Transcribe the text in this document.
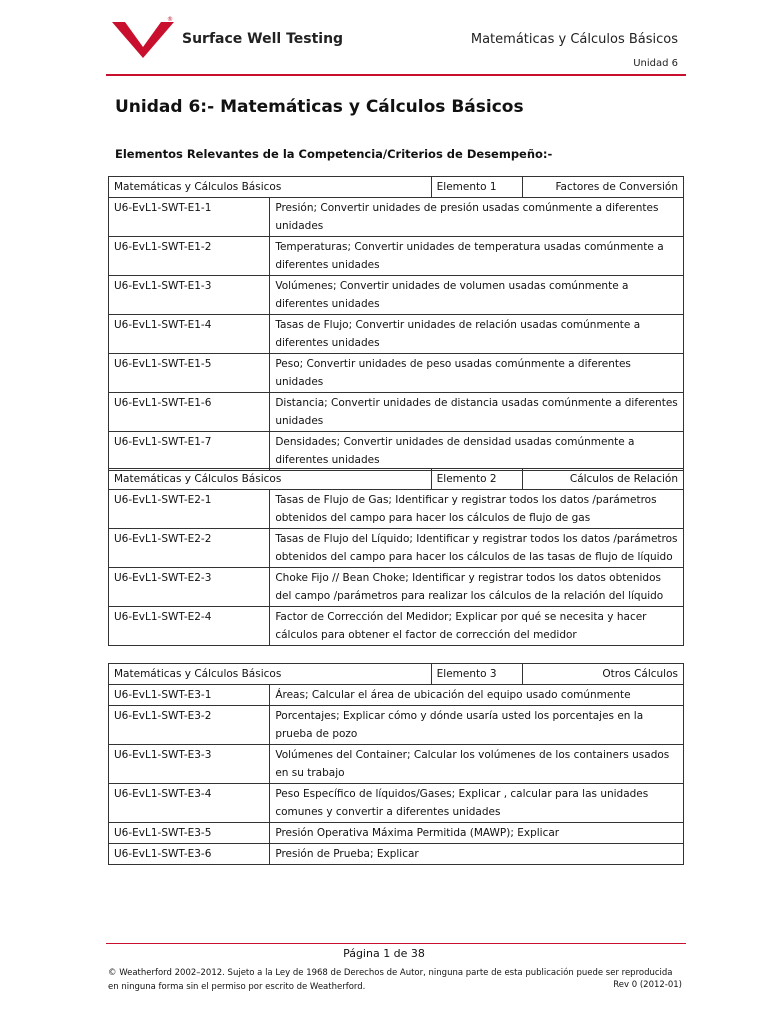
®
Surface Well Testing	Matemáticas y Cálculos Básicos
Unidad 6
Unidad 6:- Matemáticas y Cálculos Básicos
Elementos Relevantes de la Competencia/Criterios de Desempeño:-
Matemáticas y Cálculos Básicos		Elemento 1	Factores de Conversión
U6-EvL1-SWT-E1-1	Presión; Convertir unidades de presión usadas comúnmente a diferentes unidades		
U6-EvL1-SWT-E1-2	Temperaturas; Convertir unidades de temperatura usadas comúnmente a diferentes unidades		
U6-EvL1-SWT-E1-3	Volúmenes; Convertir unidades de volumen usadas comúnmente a diferentes unidades		
U6-EvL1-SWT-E1-4	Tasas de Flujo; Convertir unidades de relación usadas comúnmente a diferentes unidades		
U6-EvL1-SWT-E1-5	Peso; Convertir unidades de peso usadas comúnmente a diferentes unidades		
U6-EvL1-SWT-E1-6	Distancia; Convertir unidades de distancia usadas comúnmente a diferentes unidades		
U6-EvL1-SWT-E1-7	Densidades; Convertir unidades de densidad usadas comúnmente a diferentes unidades		
Matemáticas y Cálculos Básicos		Elemento 2	Cálculos de Relación
U6-EvL1-SWT-E2-1	Tasas de Flujo de Gas; Identificar y registrar todos los datos /parámetros obtenidos del campo para hacer los cálculos de flujo de gas		
U6-EvL1-SWT-E2-2	Tasas de Flujo del Líquido; Identificar y registrar todos los datos /parámetros obtenidos del campo para hacer los cálculos de las tasas de flujo de líquido		
U6-EvL1-SWT-E2-3	Choke Fijo // Bean Choke; Identificar y registrar todos los datos obtenidos del campo /parámetros para realizar los cálculos de la relación del líquido		
U6-EvL1-SWT-E2-4	Factor de Corrección del Medidor; Explicar por qué se necesita y hacer cálculos para obtener el factor de corrección del medidor		
Matemáticas y Cálculos Básicos		Elemento 3	Otros Cálculos
U6-EvL1-SWT-E3-1	Áreas; Calcular el área de ubicación del equipo usado comúnmente		
U6-EvL1-SWT-E3-2	Porcentajes; Explicar cómo y dónde usaría usted los porcentajes en la prueba de pozo		
U6-EvL1-SWT-E3-3	Volúmenes del Container; Calcular los volúmenes de los containers usados en su trabajo		
U6-EvL1-SWT-E3-4	Peso Específico de líquidos/Gases; Explicar , calcular para las unidades comunes y convertir a diferentes unidades		
U6-EvL1-SWT-E3-5	Presión Operativa Máxima Permitida (MAWP); Explicar		
U6-EvL1-SWT-E3-6	Presión de Prueba; Explicar		
Página 1 de 38
© Weatherford 2002–2012. Sujeto a la Ley de 1968 de Derechos de Autor, ninguna parte de esta publicación puede ser reproducida en ninguna forma sin el permiso por escrito de Weatherford.	Rev 0 (2012-01)
